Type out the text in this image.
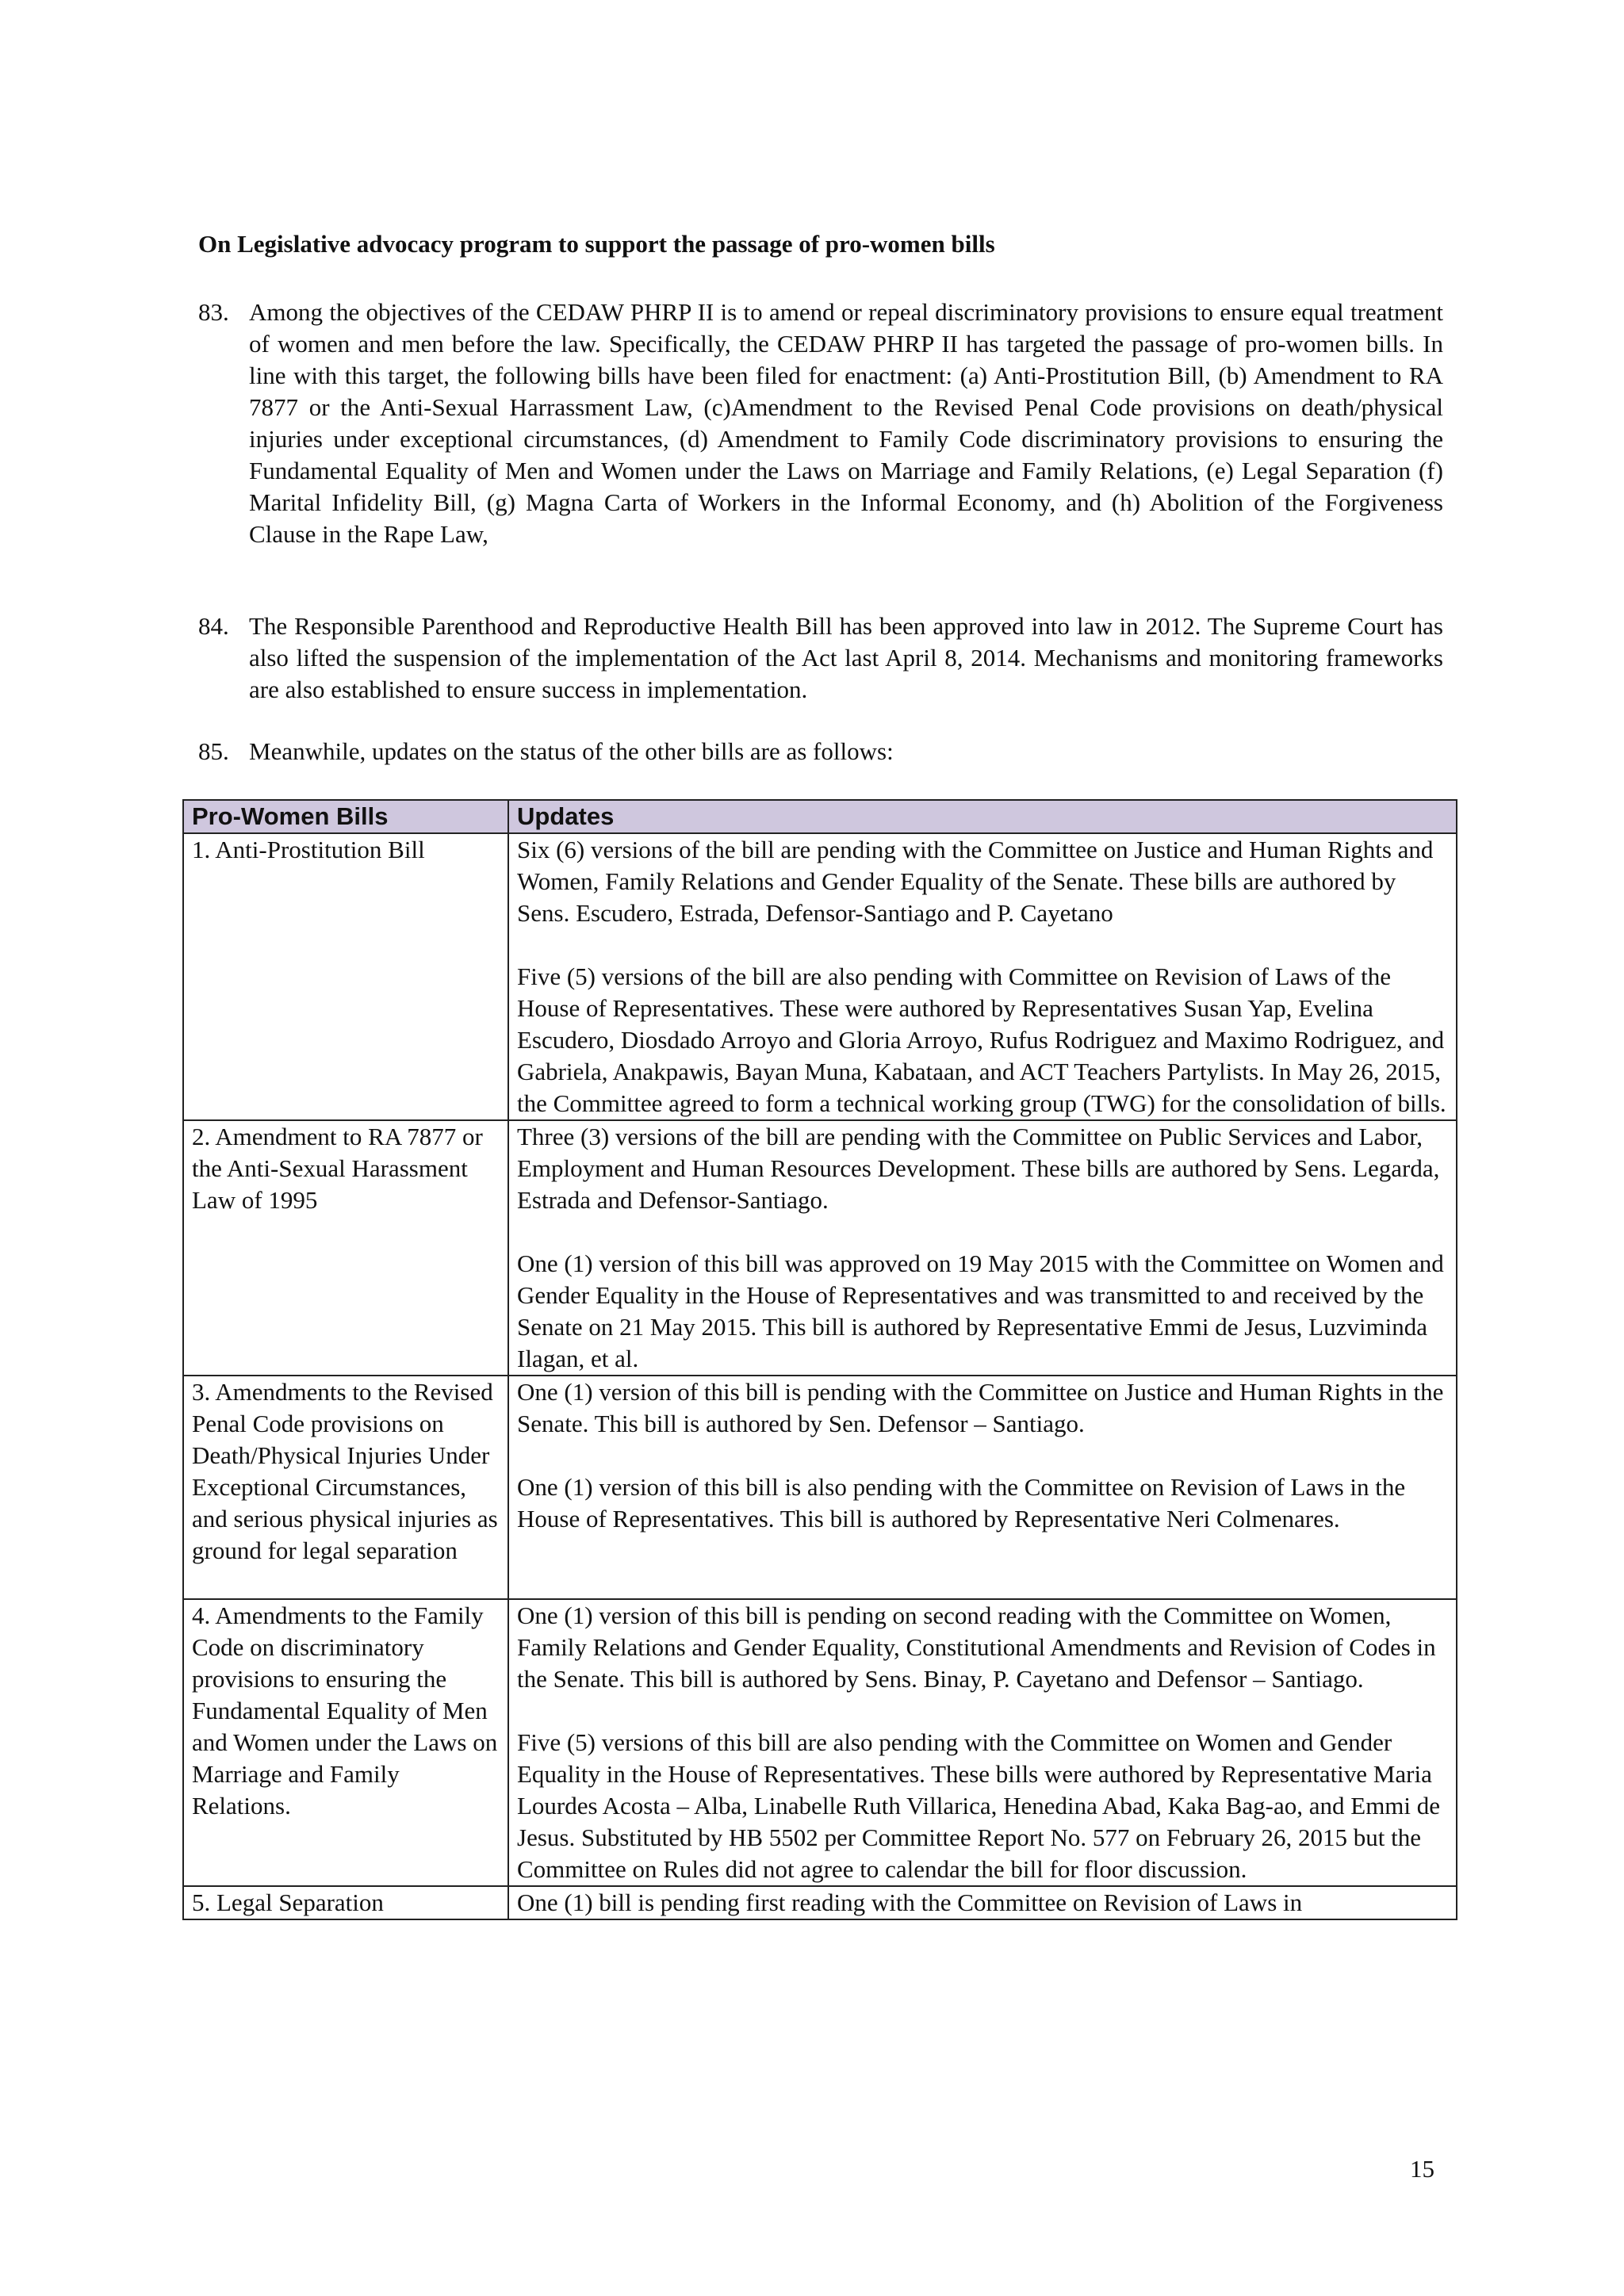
On Legislative advocacy program to support the passage of pro-women bills
83. Among the objectives of the CEDAW PHRP II is to amend or repeal discriminatory provisions to ensure equal treatment of women and men before the law. Specifically, the CEDAW PHRP II has targeted the passage of pro-women bills. In line with this target, the following bills have been filed for enactment: (a) Anti-Prostitution Bill, (b) Amendment to RA 7877 or the Anti-Sexual Harrassment Law, (c)Amendment to the Revised Penal Code provisions on death/physical injuries under exceptional circumstances, (d) Amendment to Family Code discriminatory provisions to ensuring the Fundamental Equality of Men and Women under the Laws on Marriage and Family Relations, (e) Legal Separation (f) Marital Infidelity Bill, (g) Magna Carta of Workers in the Informal Economy, and (h) Abolition of the Forgiveness Clause in the Rape Law,
84. The Responsible Parenthood and Reproductive Health Bill has been approved into law in 2012. The Supreme Court has also lifted the suspension of the implementation of the Act last April 8, 2014. Mechanisms and monitoring frameworks are also established to ensure success in implementation.
85. Meanwhile, updates on the status of the other bills are as follows:
Pro-Women Bills	Updates
1. Anti-Prostitution Bill	Six (6) versions of the bill are pending with the Committee on Justice and Human Rights and Women, Family Relations and Gender Equality of the Senate. These bills are authored by Sens. Escudero, Estrada, Defensor-Santiago and P. Cayetano

Five (5) versions of the bill are also pending with Committee on Revision of Laws of the House of Representatives. These were authored by Representatives Susan Yap, Evelina Escudero, Diosdado Arroyo and Gloria Arroyo, Rufus Rodriguez and Maximo Rodriguez, and Gabriela, Anakpawis, Bayan Muna, Kabataan, and ACT Teachers Partylists. In May 26, 2015, the Committee agreed to form a technical working group (TWG) for the consolidation of bills.

2. Amendment to RA 7877 or the Anti-Sexual Harassment Law of 1995	Three (3) versions of the bill are pending with the Committee on Public Services and Labor, Employment and Human Resources Development. These bills are authored by Sens. Legarda, Estrada and Defensor-Santiago.

One (1) version of this bill was approved on 19 May 2015 with the Committee on Women and Gender Equality in the House of Representatives and was transmitted to and received by the Senate on 21 May 2015. This bill is authored by Representative Emmi de Jesus, Luzviminda Ilagan, et al.

3. Amendments to the Revised Penal Code provisions on Death/Physical Injuries Under Exceptional Circumstances, and serious physical injuries as ground for legal separation	One (1) version of this bill is pending with the Committee on Justice and Human Rights in the Senate. This bill is authored by Sen. Defensor – Santiago.

One (1) version of this bill is also pending with the Committee on Revision of Laws in the House of Representatives. This bill is authored by Representative Neri Colmenares.

4. Amendments to the Family Code on discriminatory provisions to ensuring the Fundamental Equality of Men and Women under the Laws on Marriage and Family Relations.	One (1) version of this bill is pending on second reading with the Committee on Women, Family Relations and Gender Equality, Constitutional Amendments and Revision of Codes in the Senate. This bill is authored by Sens. Binay, P. Cayetano and Defensor – Santiago.

Five (5) versions of this bill are also pending with the Committee on Women and Gender Equality in the House of Representatives. These bills were authored by Representative Maria Lourdes Acosta – Alba, Linabelle Ruth Villarica, Henedina Abad, Kaka Bag-ao, and Emmi de Jesus. Substituted by HB 5502 per Committee Report No. 577 on February 26, 2015 but the Committee on Rules did not agree to calendar the bill for floor discussion.

5. Legal Separation	One (1) bill is pending first reading with the Committee on Revision of Laws in

15
